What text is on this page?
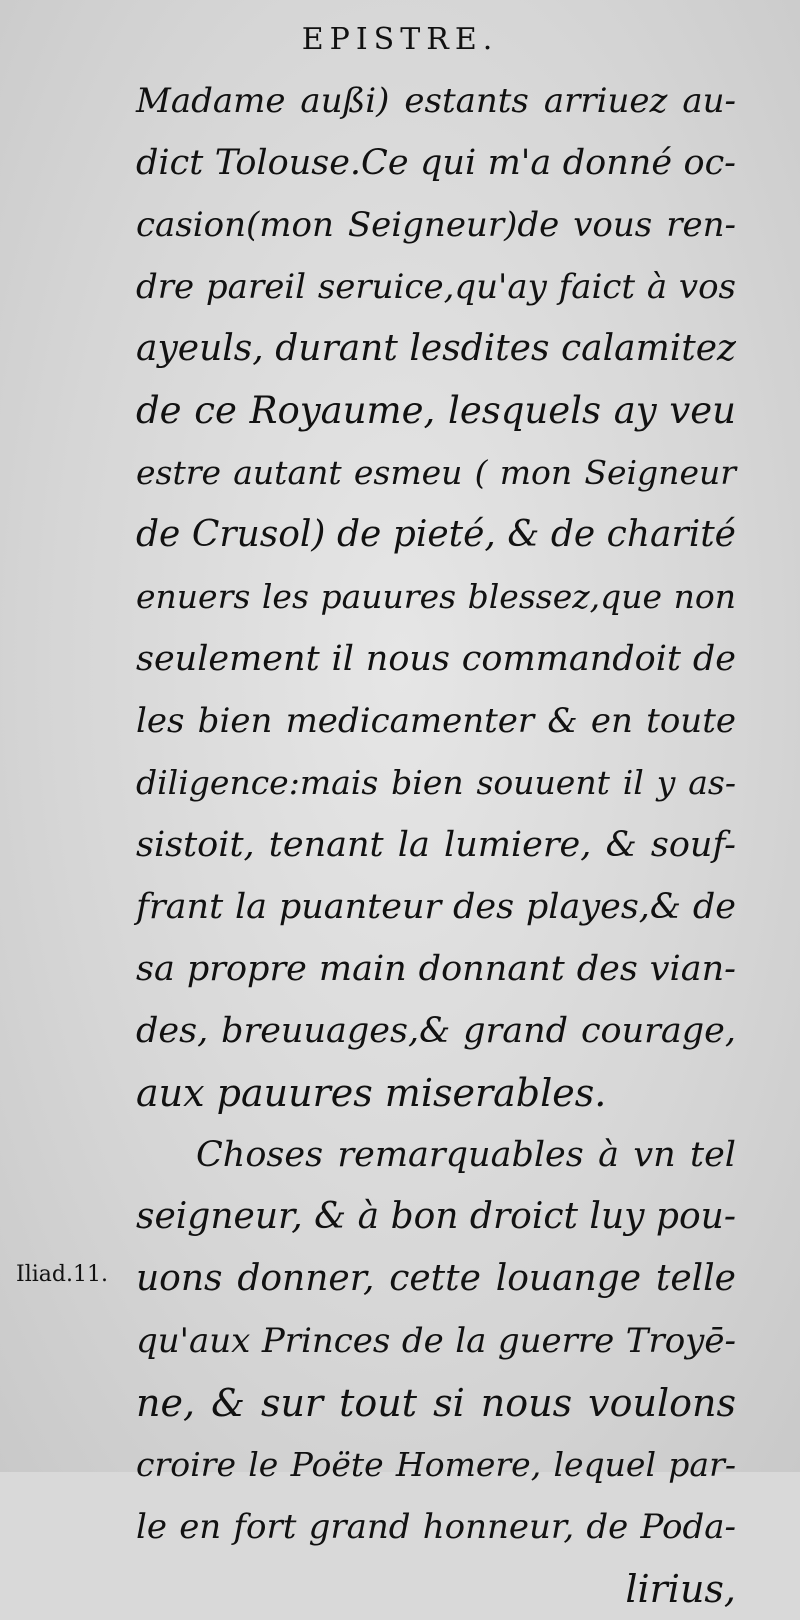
EPISTRE.
Madame außi) estants arriuez au-
dict Tolouse.Ce qui m'a donné oc-
casion(mon Seigneur)de vous ren-
dre pareil seruice,qu'ay faict à vos
ayeuls, durant lesdites calamitez
de ce Royaume, lesquels ay veu
estre autant esmeu ( mon Seigneur
de Crusol) de pieté, & de charité
enuers les pauures blessez,que non
seulement il nous commandoit de
les bien medicamenter & en toute
diligence:mais bien souuent il y as-
sistoit, tenant la lumiere, & souf-
frant la puanteur des playes,& de
sa propre main donnant des vian-
des, breuuages,& grand courage,
aux pauures miserables.
Choses remarquables à vn tel
seigneur, & à bon droict luy pou-
uons donner, cette louange telle
qu'aux Princes de la guerre Troyē-
ne, & sur tout si nous voulons
croire le Poëte Homere, lequel par-
le en fort grand honneur, de Poda-
lirius,
Iliad.11.
